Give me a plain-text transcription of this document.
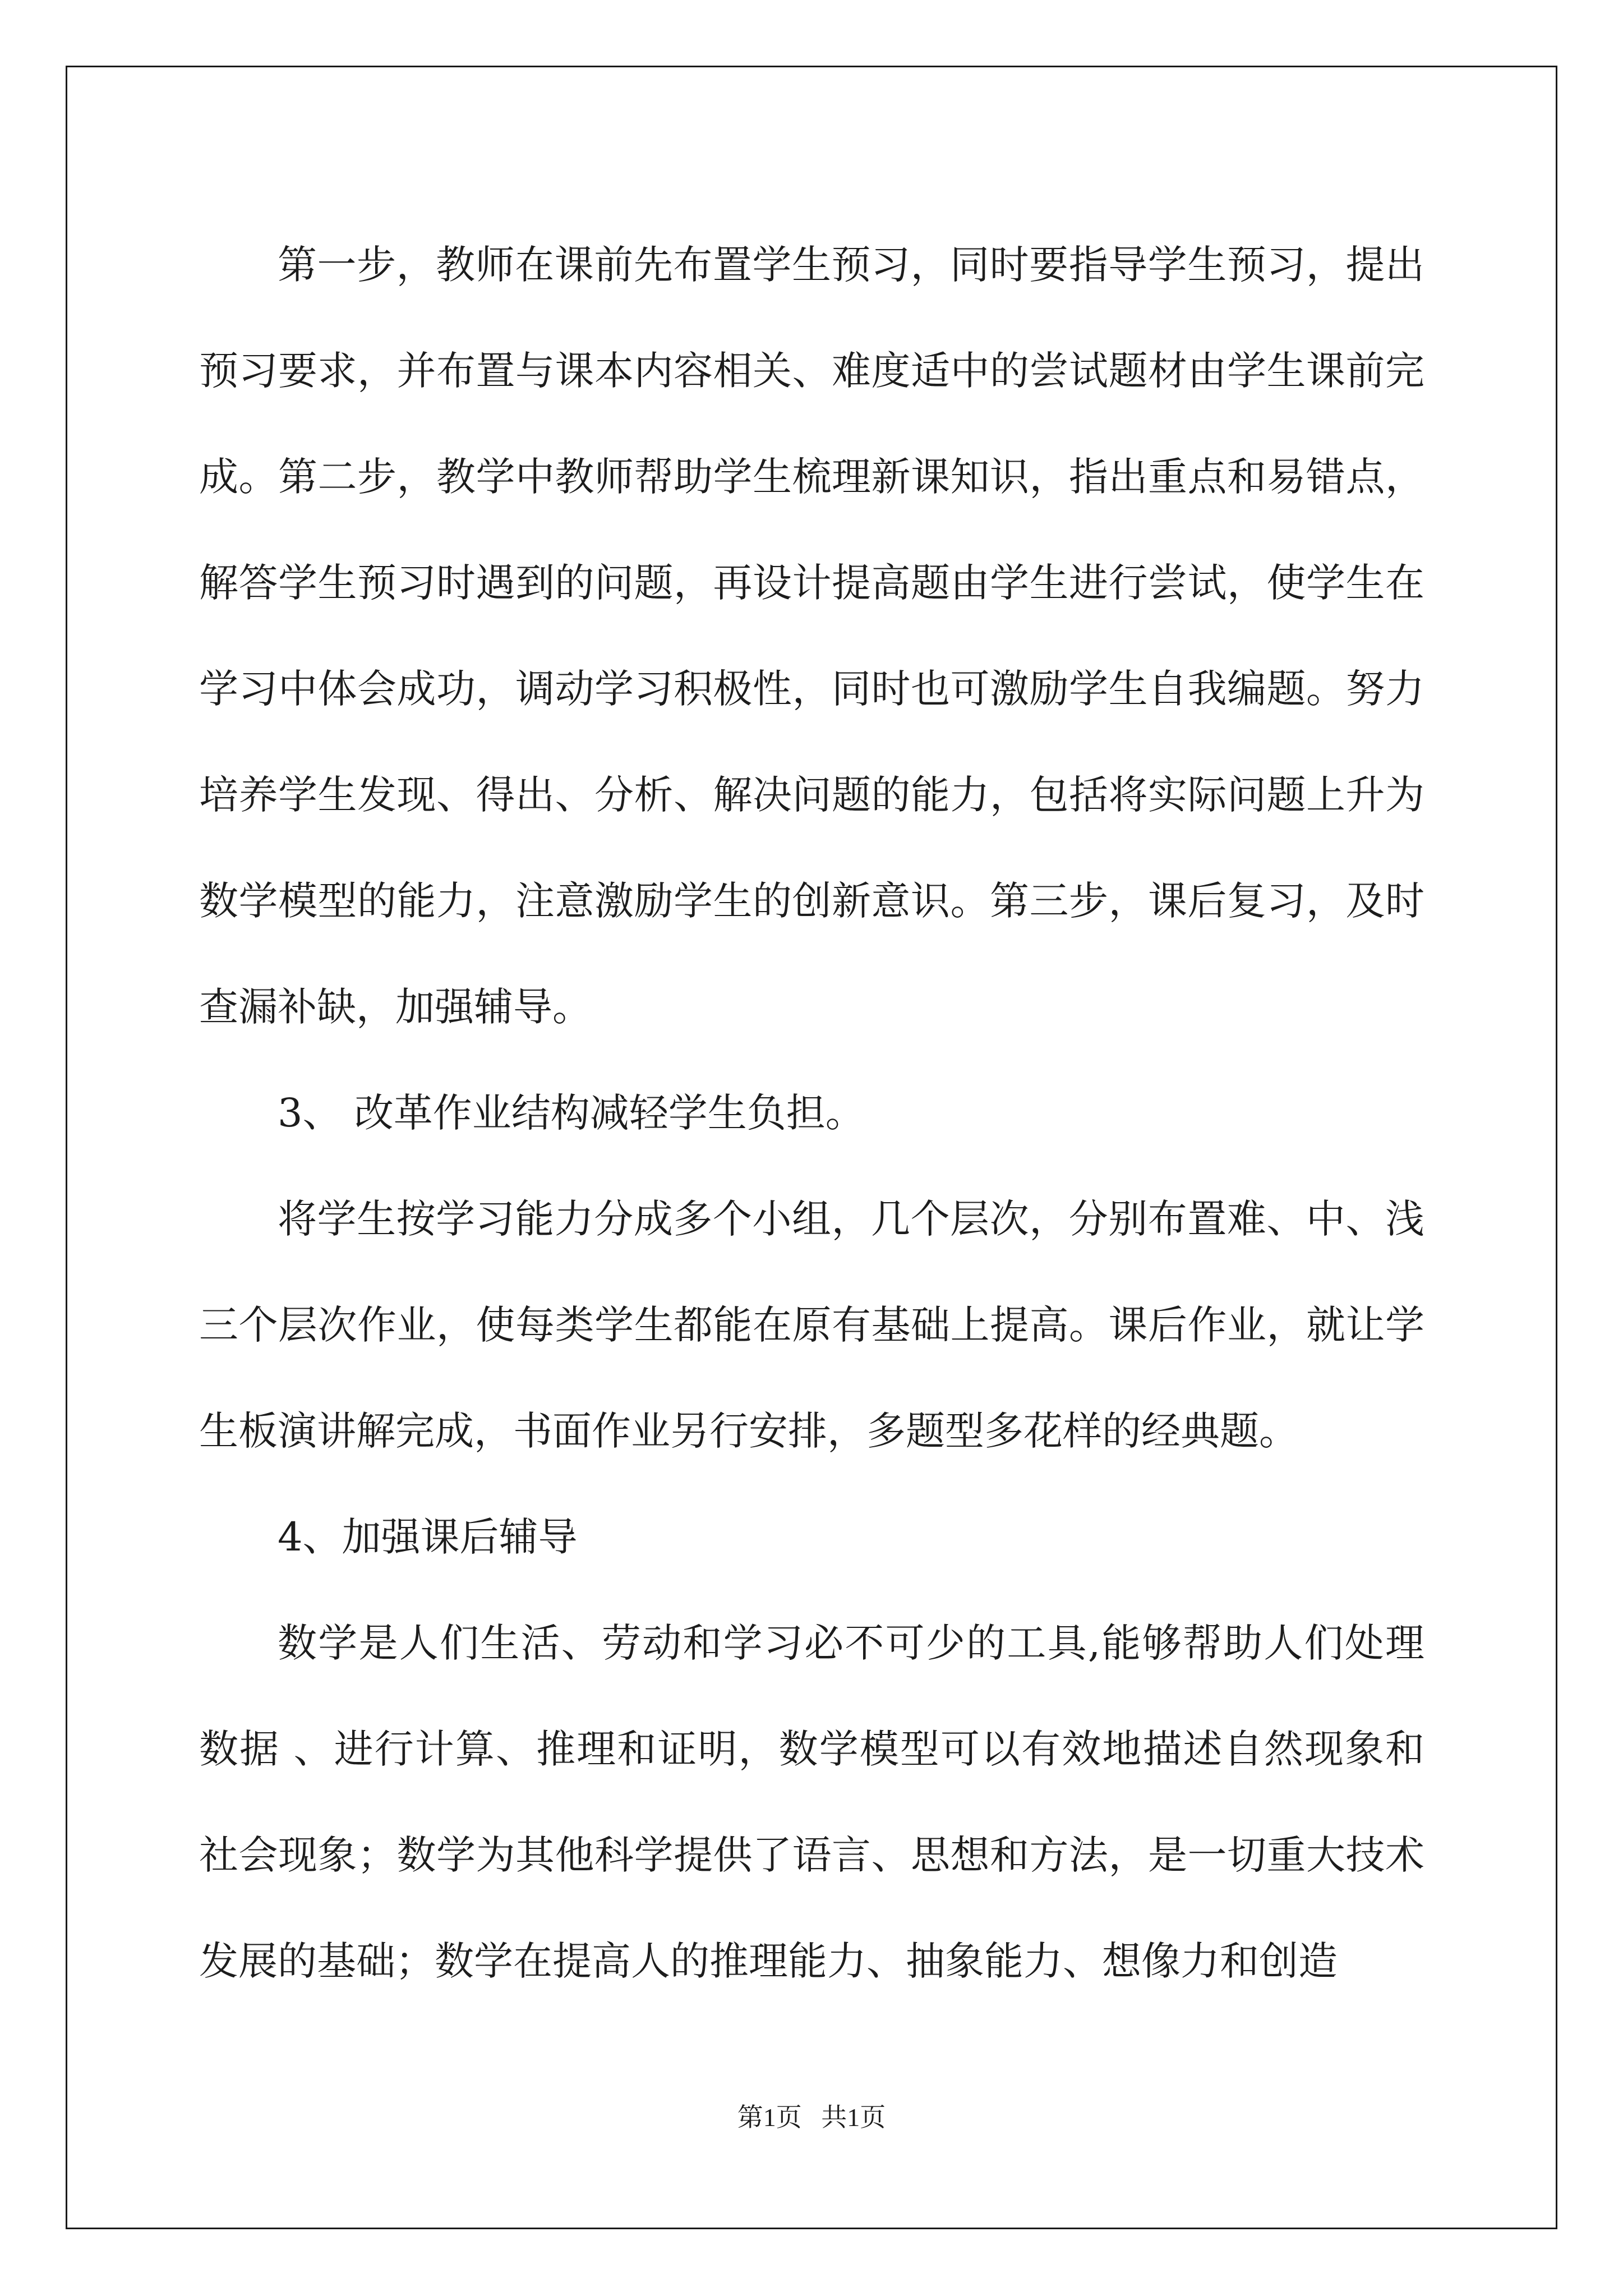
第一步，教师在课前先布置学生预习，同时要指导学生预习，提出预习要求，并布置与课本内容相关、难度适中的尝试题材由学生课前完成。第二步，教学中教师帮助学生梳理新课知识，指出重点和易错点，解答学生预习时遇到的问题，再设计提高题由学生进行尝试，使学生在学习中体会成功，调动学习积极性，同时也可激励学生自我编题。努力培养学生发现、得出、分析、解决问题的能力，包括将实际问题上升为数学模型的能力，注意激励学生的创新意识。第三步，课后复习，及时查漏补缺，加强辅导。

3、 改革作业结构减轻学生负担。

将学生按学习能力分成多个小组，几个层次，分别布置难、中、浅三个层次作业，使每类学生都能在原有基础上提高。课后作业，就让学生板演讲解完成，书面作业另行安排，多题型多花样的经典题。

4、加强课后辅导

数学是人们生活、劳动和学习必不可少的工具,能够帮助人们处理数据 、进行计算、推理和证明，数学模型可以有效地描述自然现象和社会现象；数学为其他科学提供了语言、思想和方法，是一切重大技术发展的基础；数学在提高人的推理能力、抽象能力、想像力和创造

第1页 共1页
